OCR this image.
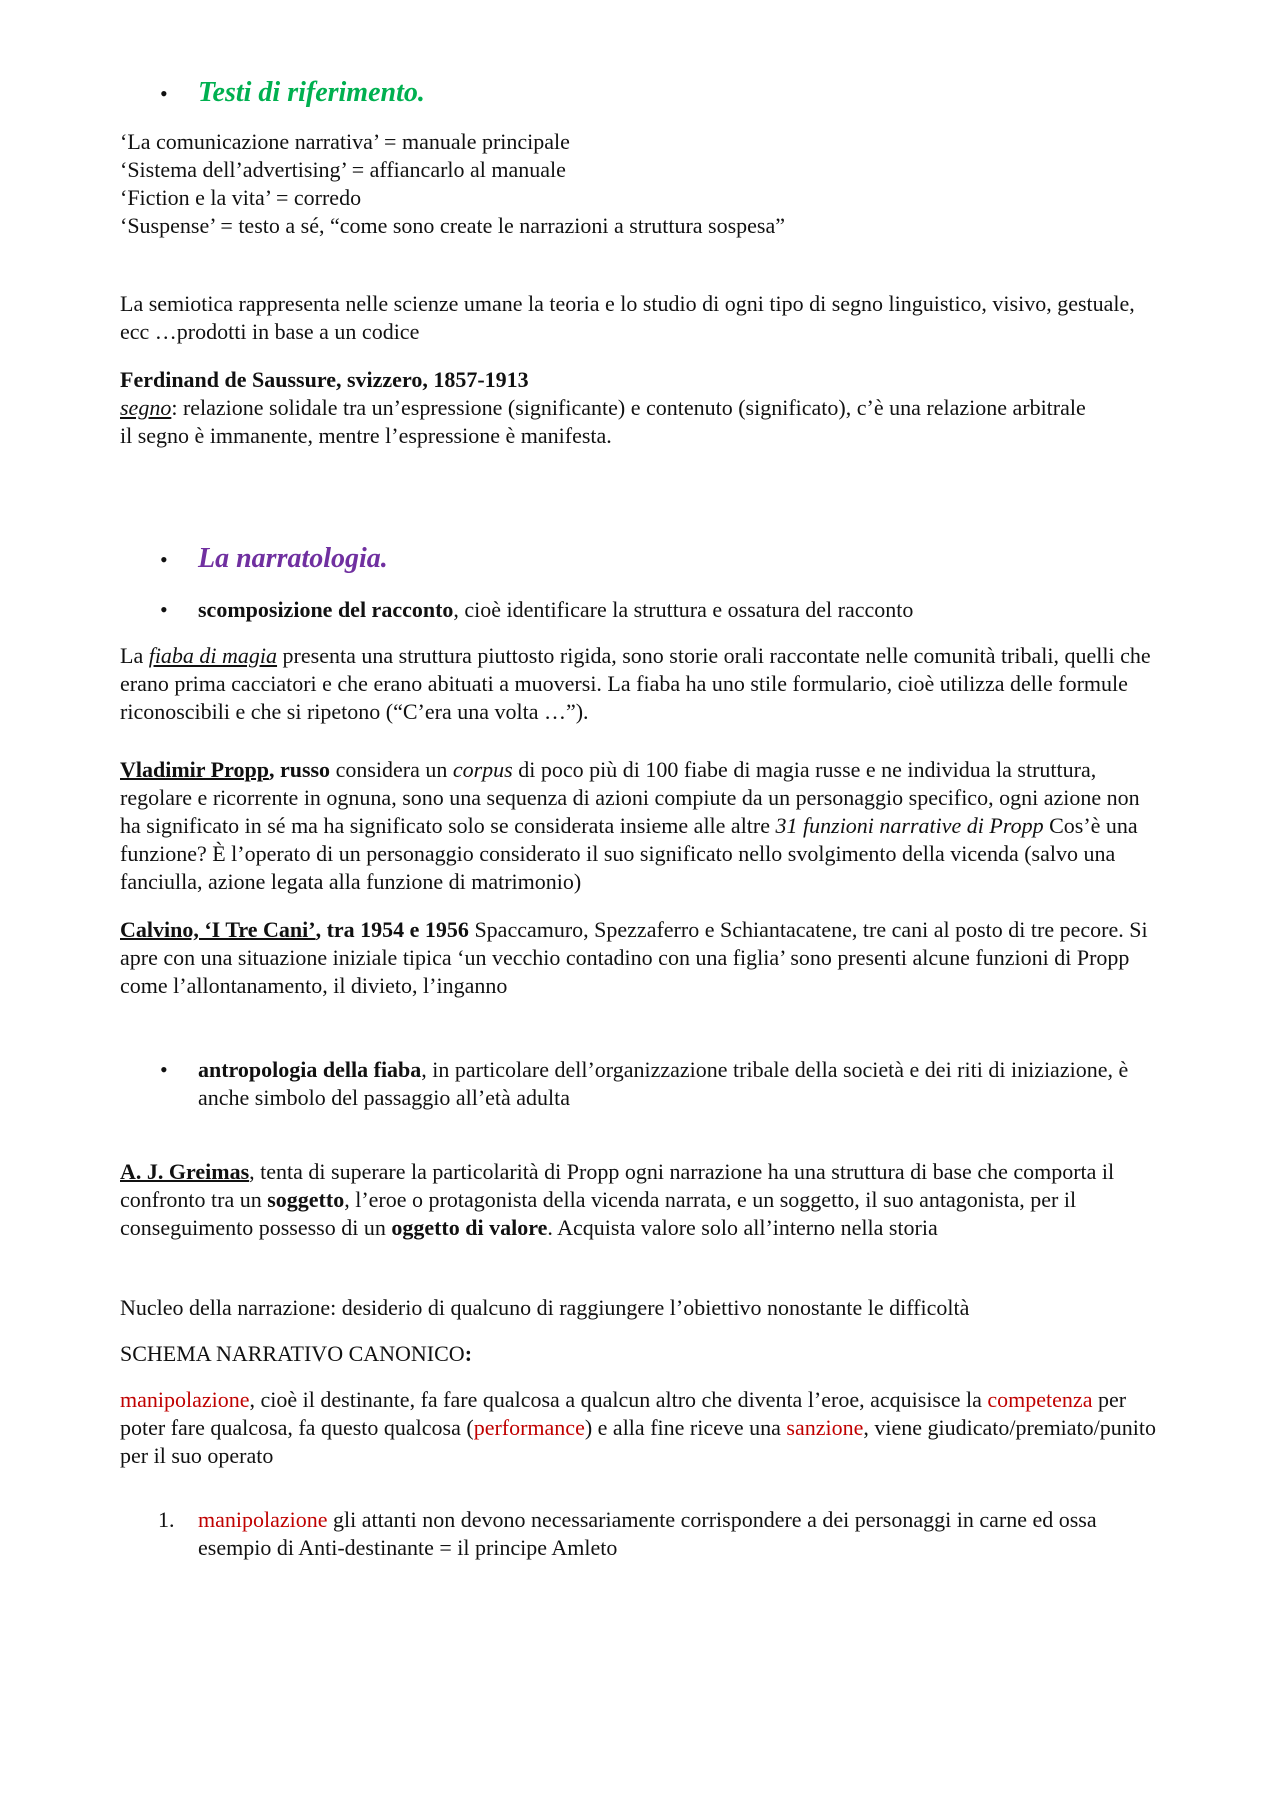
• Testi di riferimento.

‘La comunicazione narrativa’ = manuale principale

‘Sistema dell’advertising’ = affiancarlo al manuale

‘Fiction e la vita’ = corredo

‘Suspense’ = testo a sé, “come sono create le narrazioni a struttura sospesa”

La semiotica rappresenta nelle scienze umane la teoria e lo studio di ogni tipo di segno linguistico, visivo, gestuale, ecc …prodotti in base a un codice

Ferdinand de Saussure, svizzero, 1857-1913

segno: relazione solidale tra un’espressione (significante) e contenuto (significato), c’è una relazione arbitrale

il segno è immanente, mentre l’espressione è manifesta.

• La narratologia.
• scomposizione del racconto, cioè identificare la struttura e ossatura del racconto

La fiaba di magia presenta una struttura piuttosto rigida, sono storie orali raccontate nelle comunità tribali, quelli che erano prima cacciatori e che erano abituati a muoversi. La fiaba ha uno stile formulario, cioè utilizza delle formule riconoscibili e che si ripetono (“C’era una volta …”).

Vladimir Propp, russo considera un corpus di poco più di 100 fiabe di magia russe e ne individua la struttura, regolare e ricorrente in ognuna, sono una sequenza di azioni compiute da un personaggio specifico, ogni azione non ha significato in sé ma ha significato solo se considerata insieme alle altre 31 funzioni narrative di Propp Cos’è una funzione? È l’operato di un personaggio considerato il suo significato nello svolgimento della vicenda (salvo una fanciulla, azione legata alla funzione di matrimonio)

Calvino, ‘I Tre Cani’, tra 1954 e 1956 Spaccamuro, Spezzaferro e Schiantacatene, tre cani al posto di tre pecore. Si apre con una situazione iniziale tipica ‘un vecchio contadino con una figlia’ sono presenti alcune funzioni di Propp come l’allontanamento, il divieto, l’inganno

• antropologia della fiaba, in particolare dell’organizzazione tribale della società e dei riti di iniziazione, è anche simbolo del passaggio all’età adulta

A. J. Greimas, tenta di superare la particolarità di Propp ogni narrazione ha una struttura di base che comporta il confronto tra un soggetto, l’eroe o protagonista della vicenda narrata, e un soggetto, il suo antagonista, per il conseguimento possesso di un oggetto di valore. Acquista valore solo all’interno nella storia

Nucleo della narrazione: desiderio di qualcuno di raggiungere l’obiettivo nonostante le difficoltà

SCHEMA NARRATIVO CANONICO:

manipolazione, cioè il destinante, fa fare qualcosa a qualcun altro che diventa l’eroe, acquisisce la competenza per poter fare qualcosa, fa questo qualcosa (performance) e alla fine riceve una sanzione, viene giudicato/premiato/punito per il suo operato

1.	manipolazione gli attanti non devono necessariamente corrispondere a dei personaggi in carne ed ossa

esempio di Anti-destinante = il principe Amleto
